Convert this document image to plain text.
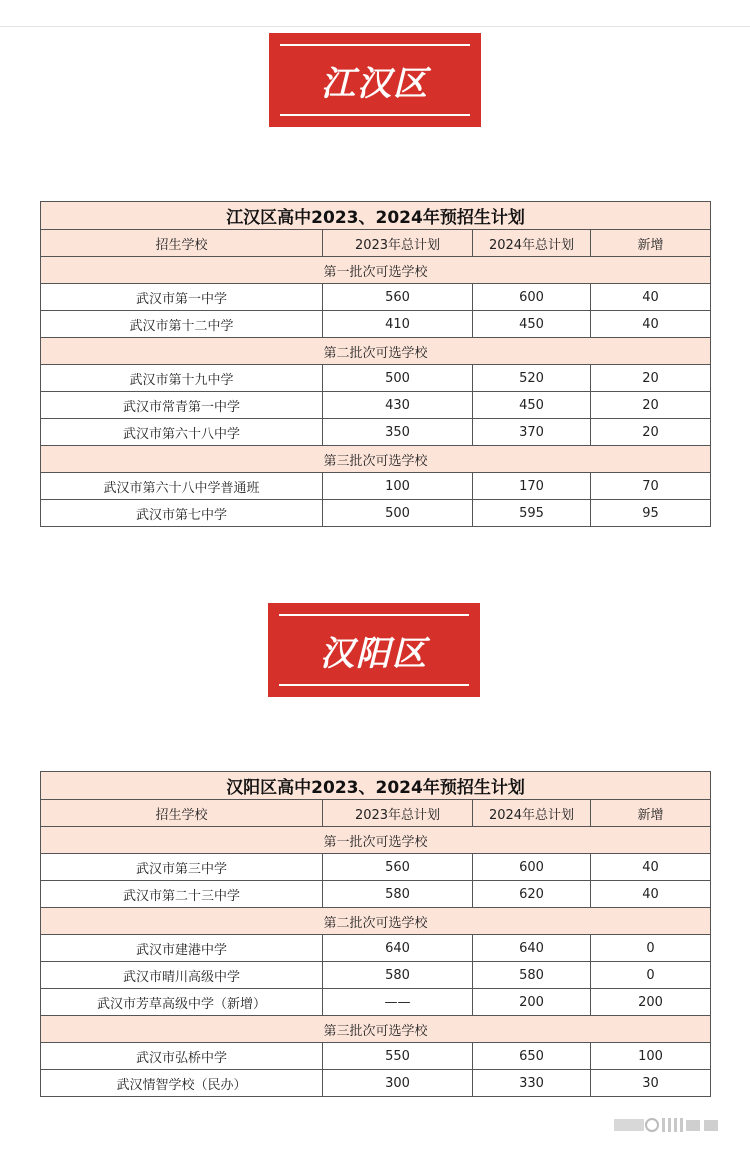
江汉区
江汉区高中2023、2024年预招生计划			
招生学校	2023年总计划	2024年总计划	新增
第一批次可选学校			
武汉市第一中学	560	600	40
武汉市第十二中学	410	450	40
第二批次可选学校			
武汉市第十九中学	500	520	20
武汉市常青第一中学	430	450	20
武汉市第六十八中学	350	370	20
第三批次可选学校			
武汉市第六十八中学普通班	100	170	70
武汉市第七中学	500	595	95
汉阳区
汉阳区高中2023、2024年预招生计划			
招生学校	2023年总计划	2024年总计划	新增
第一批次可选学校			
武汉市第三中学	560	600	40
武汉市第二十三中学	580	620	40
第二批次可选学校			
武汉市建港中学	640	640	0
武汉市晴川高级中学	580	580	0
武汉市芳草高级中学（新增）	——	200	200
第三批次可选学校			
武汉市弘桥中学	550	650	100
武汉情智学校（民办）	300	330	30
